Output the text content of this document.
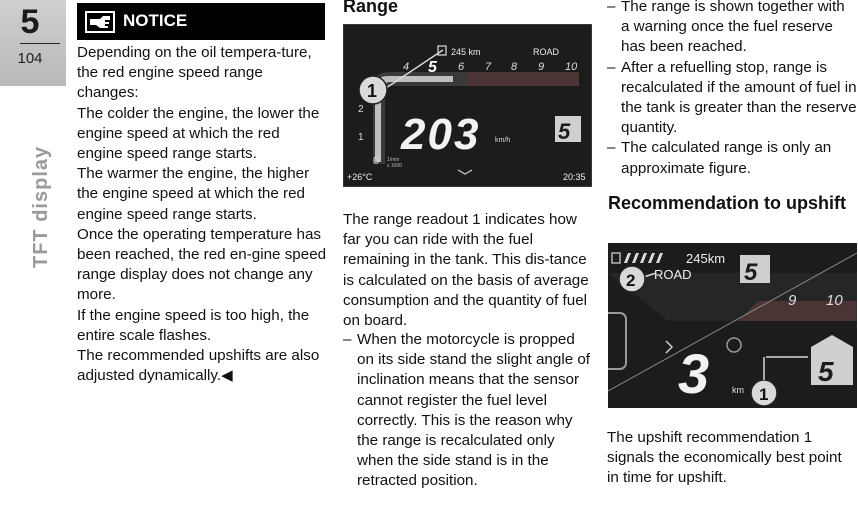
5
104
TFT display
NOTICE

Depending on the oil tempera-ture, the red engine speed range changes:

The colder the engine, the lower the engine speed at which the red engine speed range starts.

The warmer the engine, the higher the engine speed at which the red engine speed range starts.

Once the operating temperature has been reached, the red en-gine speed range display does not change any more.

If the engine speed is too high, the entire scale flashes.

The recommended upshifts are also adjusted dynamically.◀

Range
4 5 6 7 8 9 10
2
1
0 1/min
x 1000
245 km	ROAD
203 km/h 5
+26°C	20:35
1

The range readout 1 indicates how far you can ride with the fuel remaining in the tank. This dis-tance is calculated on the basis of average consumption and the quantity of fuel on board.

– When the motorcycle is propped on its side stand the slight angle of inclination means that the sensor cannot register the fuel level correctly. This is the reason why the range is recalculated only when the side stand is in the retracted position.
– The range is shown together with a warning once the fuel reserve has been reached.
– After a refuelling stop, range is recalculated if the amount of fuel in the tank is greater than the reserve quantity.
– The calculated range is only an approximate figure.
Recommendation to upshift
9 10
245km
ROAD 5
3	km
5
2
1

The upshift recommendation 1 signals the economically best point in time for upshift.
